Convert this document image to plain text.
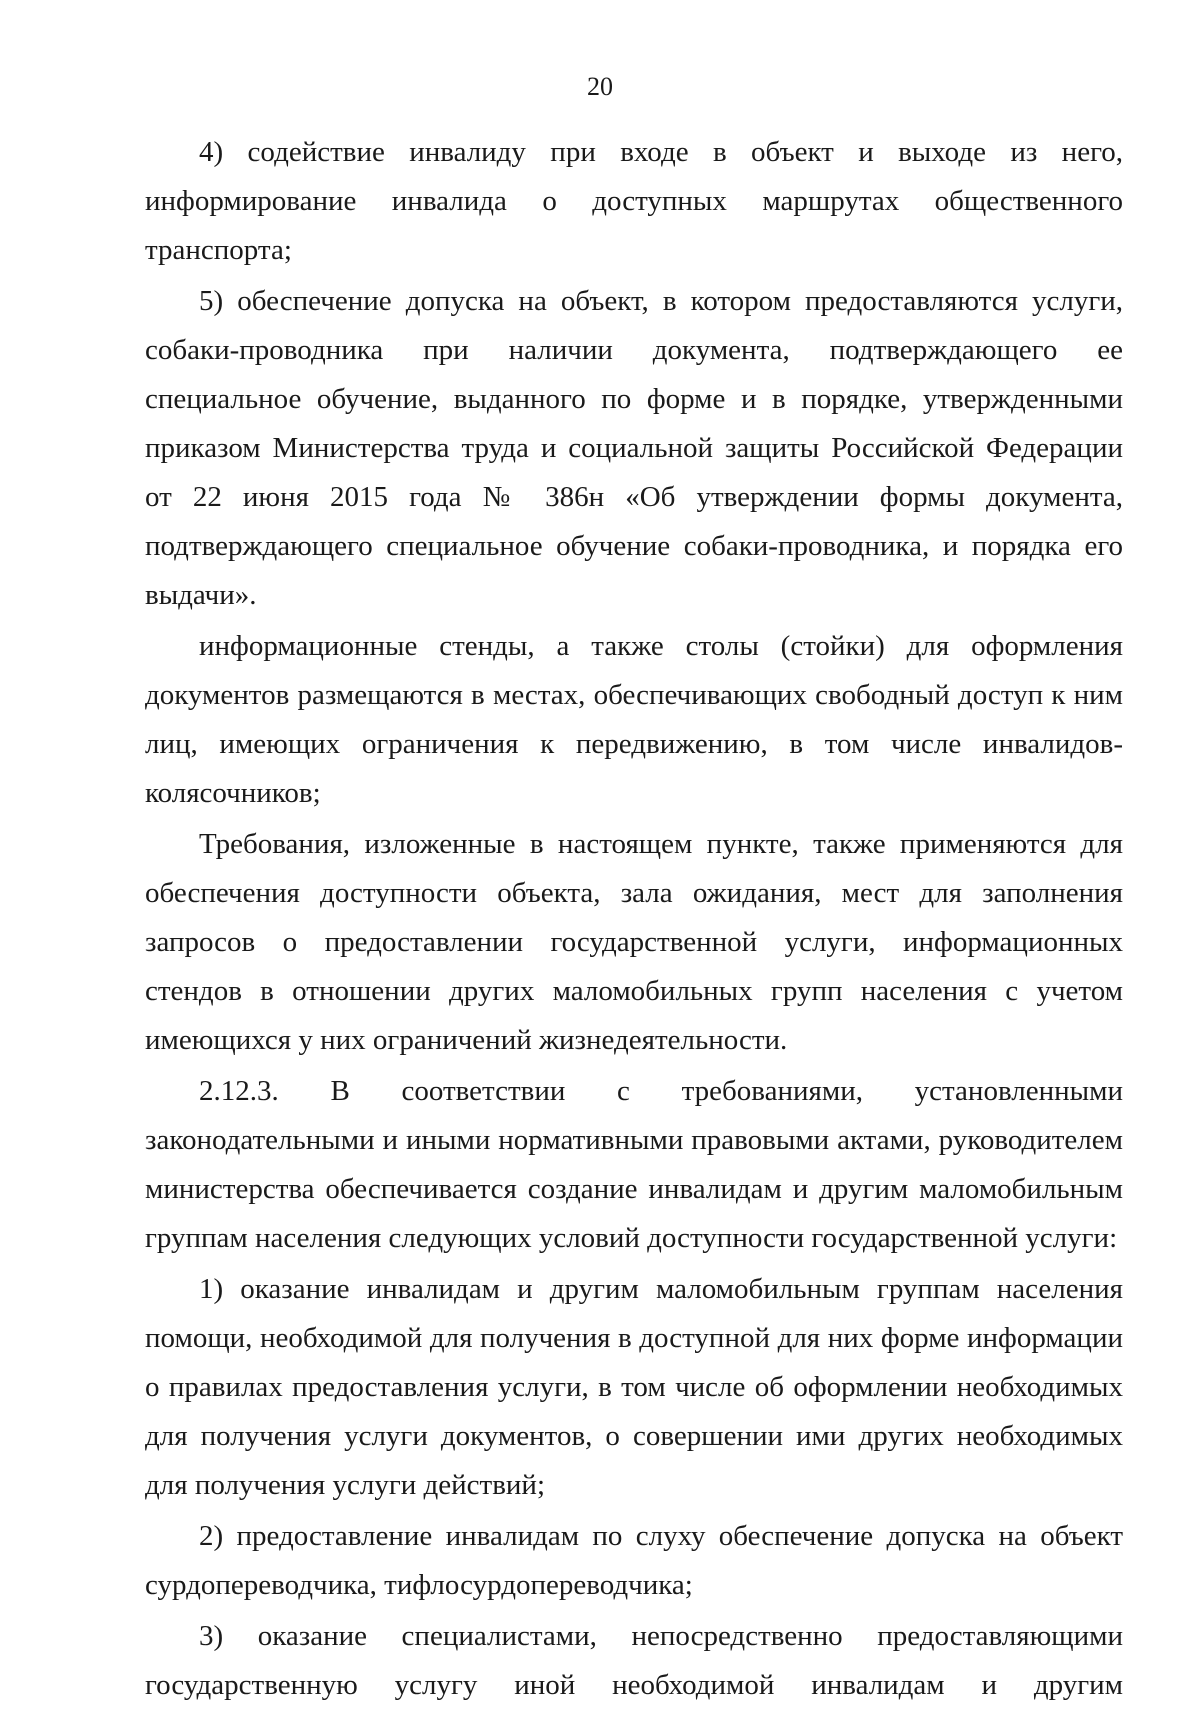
20

4) содействие инвалиду при входе в объект и выходе из него, информирование инвалида о доступных маршрутах общественного транспорта;

5) обеспечение допуска на объект, в котором предоставляются услуги, собаки-проводника при наличии документа, подтверждающего ее специальное обучение, выданного по форме и в порядке, утвержденными приказом Министерства труда и социальной защиты Российской Федерации от 22 июня 2015 года № 386н «Об утверждении формы документа, подтверждающего специальное обучение собаки-проводника, и порядка его выдачи».

информационные стенды, а также столы (стойки) для оформления документов размещаются в местах, обеспечивающих свободный доступ к ним лиц, имеющих ограничения к передвижению, в том числе инвалидов-колясочников;

Требования, изложенные в настоящем пункте, также применяются для обеспечения доступности объекта, зала ожидания, мест для заполнения запросов о предоставлении государственной услуги, информационных стендов в отношении других маломобильных групп населения с учетом имеющихся у них ограничений жизнедеятельности.

2.12.3. В соответствии с требованиями, установленными законодательными и иными нормативными правовыми актами, руководителем министерства обеспечивается создание инвалидам и другим маломобильным группам населения следующих условий доступности государственной услуги:

1) оказание инвалидам и другим маломобильным группам населения помощи, необходимой для получения в доступной для них форме информации о правилах предоставления услуги, в том числе об оформлении необходимых для получения услуги документов, о совершении ими других необходимых для получения услуги действий;

2) предоставление инвалидам по слуху обеспечение допуска на объект сурдопереводчика, тифлосурдопереводчика;

3) оказание специалистами, непосредственно предоставляющими государственную услугу иной необходимой инвалидам и другим
